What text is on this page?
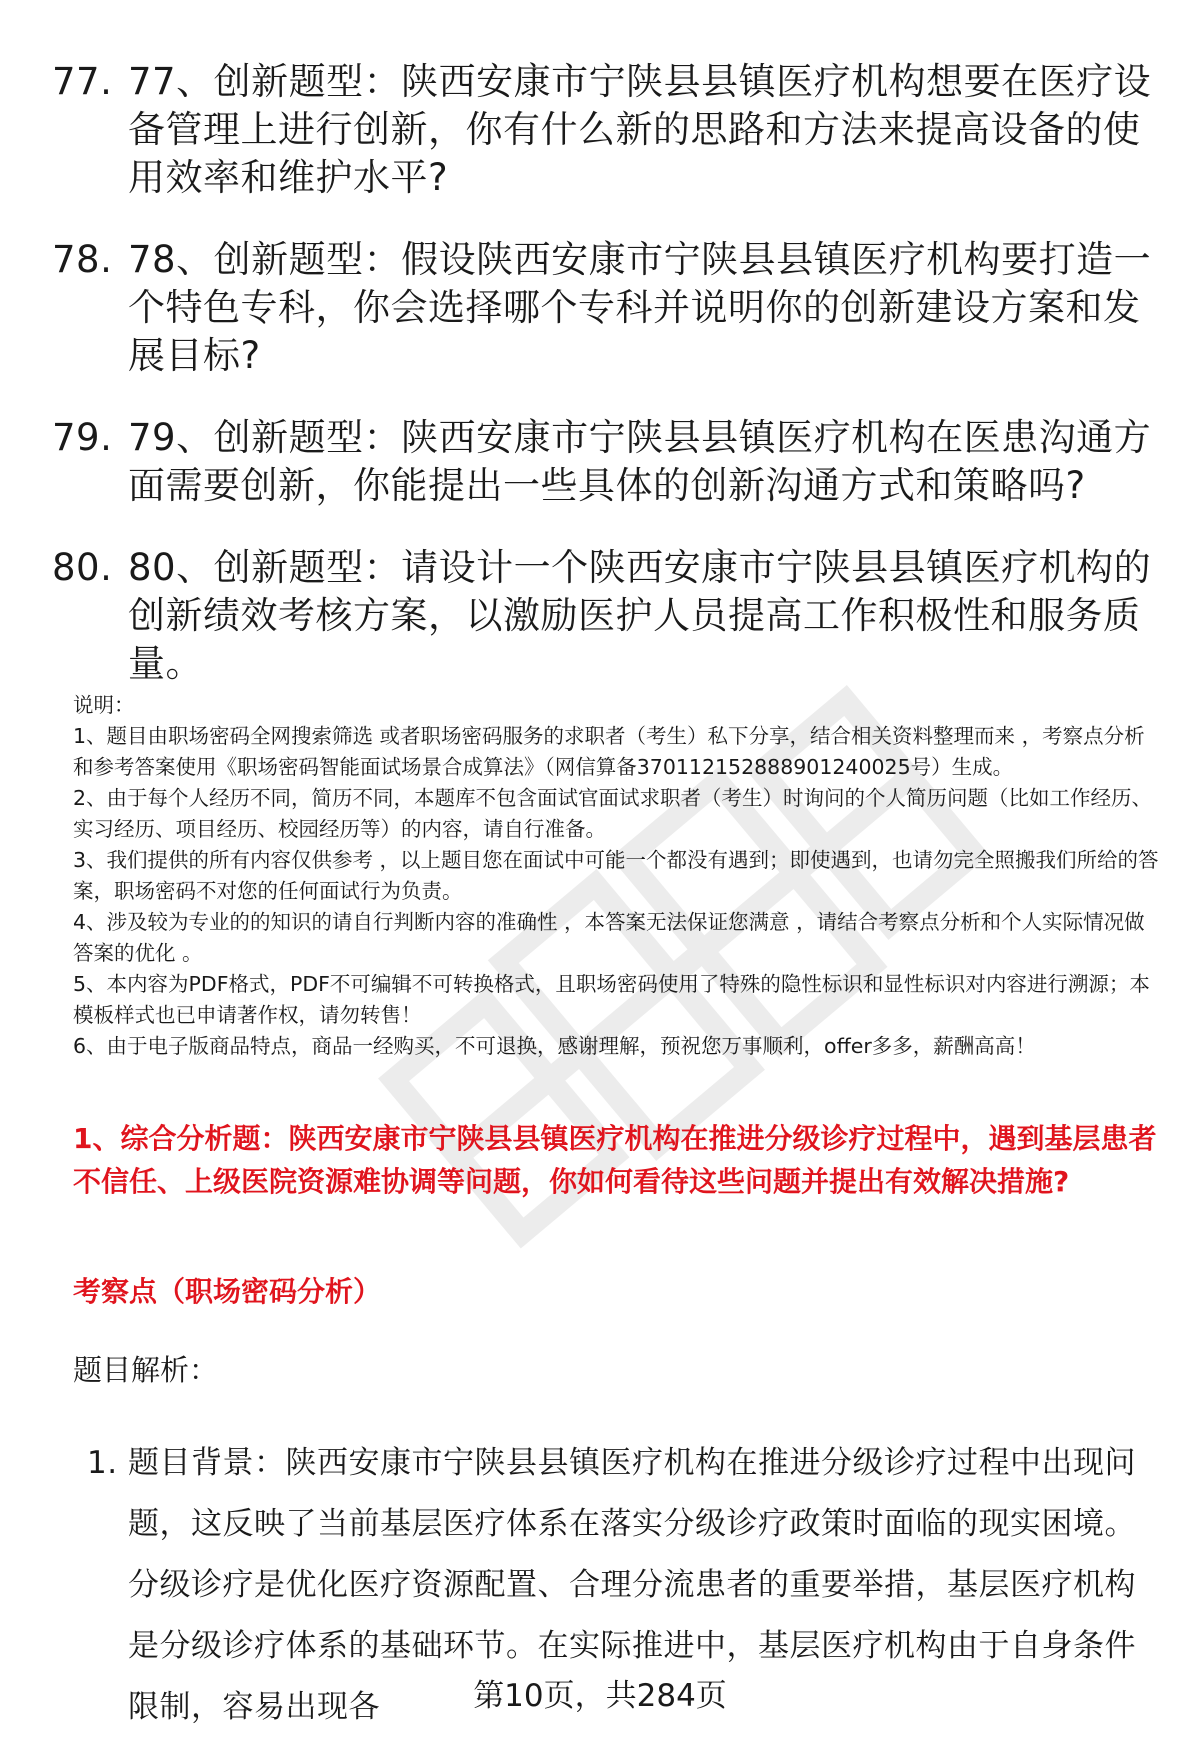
77. 77、创新题型：陕西安康市宁陕县县镇医疗机构想要在医疗设备管理上进行创新，你有什么新的思路和方法来提高设备的使用效率和维护水平?
78. 78、创新题型：假设陕西安康市宁陕县县镇医疗机构要打造一个特色专科，你会选择哪个专科并说明你的创新建设方案和发展目标?
79. 79、创新题型：陕西安康市宁陕县县镇医疗机构在医患沟通方面需要创新，你能提出一些具体的创新沟通方式和策略吗?
80. 80、创新题型：请设计一个陕西安康市宁陕县县镇医疗机构的创新绩效考核方案，以激励医护人员提高工作积极性和服务质量。

说明：

1、题目由职场密码全网搜索筛选 或者职场密码服务的求职者（考生）私下分享，结合相关资料整理而来 ，考察点分析和参考答案使用《职场密码智能面试场景合成算法》（网信算备370112152888901240025号）生成。

2、由于每个人经历不同，简历不同，本题库不包含面试官面试求职者（考生）时询问的个人简历问题（比如工作经历、实习经历、项目经历、校园经历等）的内容，请自行准备。

3、我们提供的所有内容仅供参考 ，以上题目您在面试中可能一个都没有遇到；即使遇到，也请勿完全照搬我们所给的答案，职场密码不对您的任何面试行为负责。

4、涉及较为专业的的知识的请自行判断内容的准确性 ，本答案无法保证您满意 ，请结合考察点分析和个人实际情况做答案的优化 。

5、本内容为PDF格式，PDF不可编辑不可转换格式，且职场密码使用了特殊的隐性标识和显性标识对内容进行溯源；本模板样式也已申请著作权，请勿转售！

6、由于电子版商品特点，商品一经购买，不可退换，感谢理解，预祝您万事顺利，offer多多，薪酬高高！

1、综合分析题：陕西安康市宁陕县县镇医疗机构在推进分级诊疗过程中，遇到基层患者不信任、上级医院资源难协调等问题，你如何看待这些问题并提出有效解决措施?
考察点（职场密码分析）
题目解析：
1. 题目背景：陕西安康市宁陕县县镇医疗机构在推进分级诊疗过程中出现问题，这反映了当前基层医疗体系在落实分级诊疗政策时面临的现实困境。分级诊疗是优化医疗资源配置、合理分流患者的重要举措，基层医疗机构是分级诊疗体系的基础环节。在实际推进中，基层医疗机构由于自身条件限制，容易出现各	第10页，共284页
